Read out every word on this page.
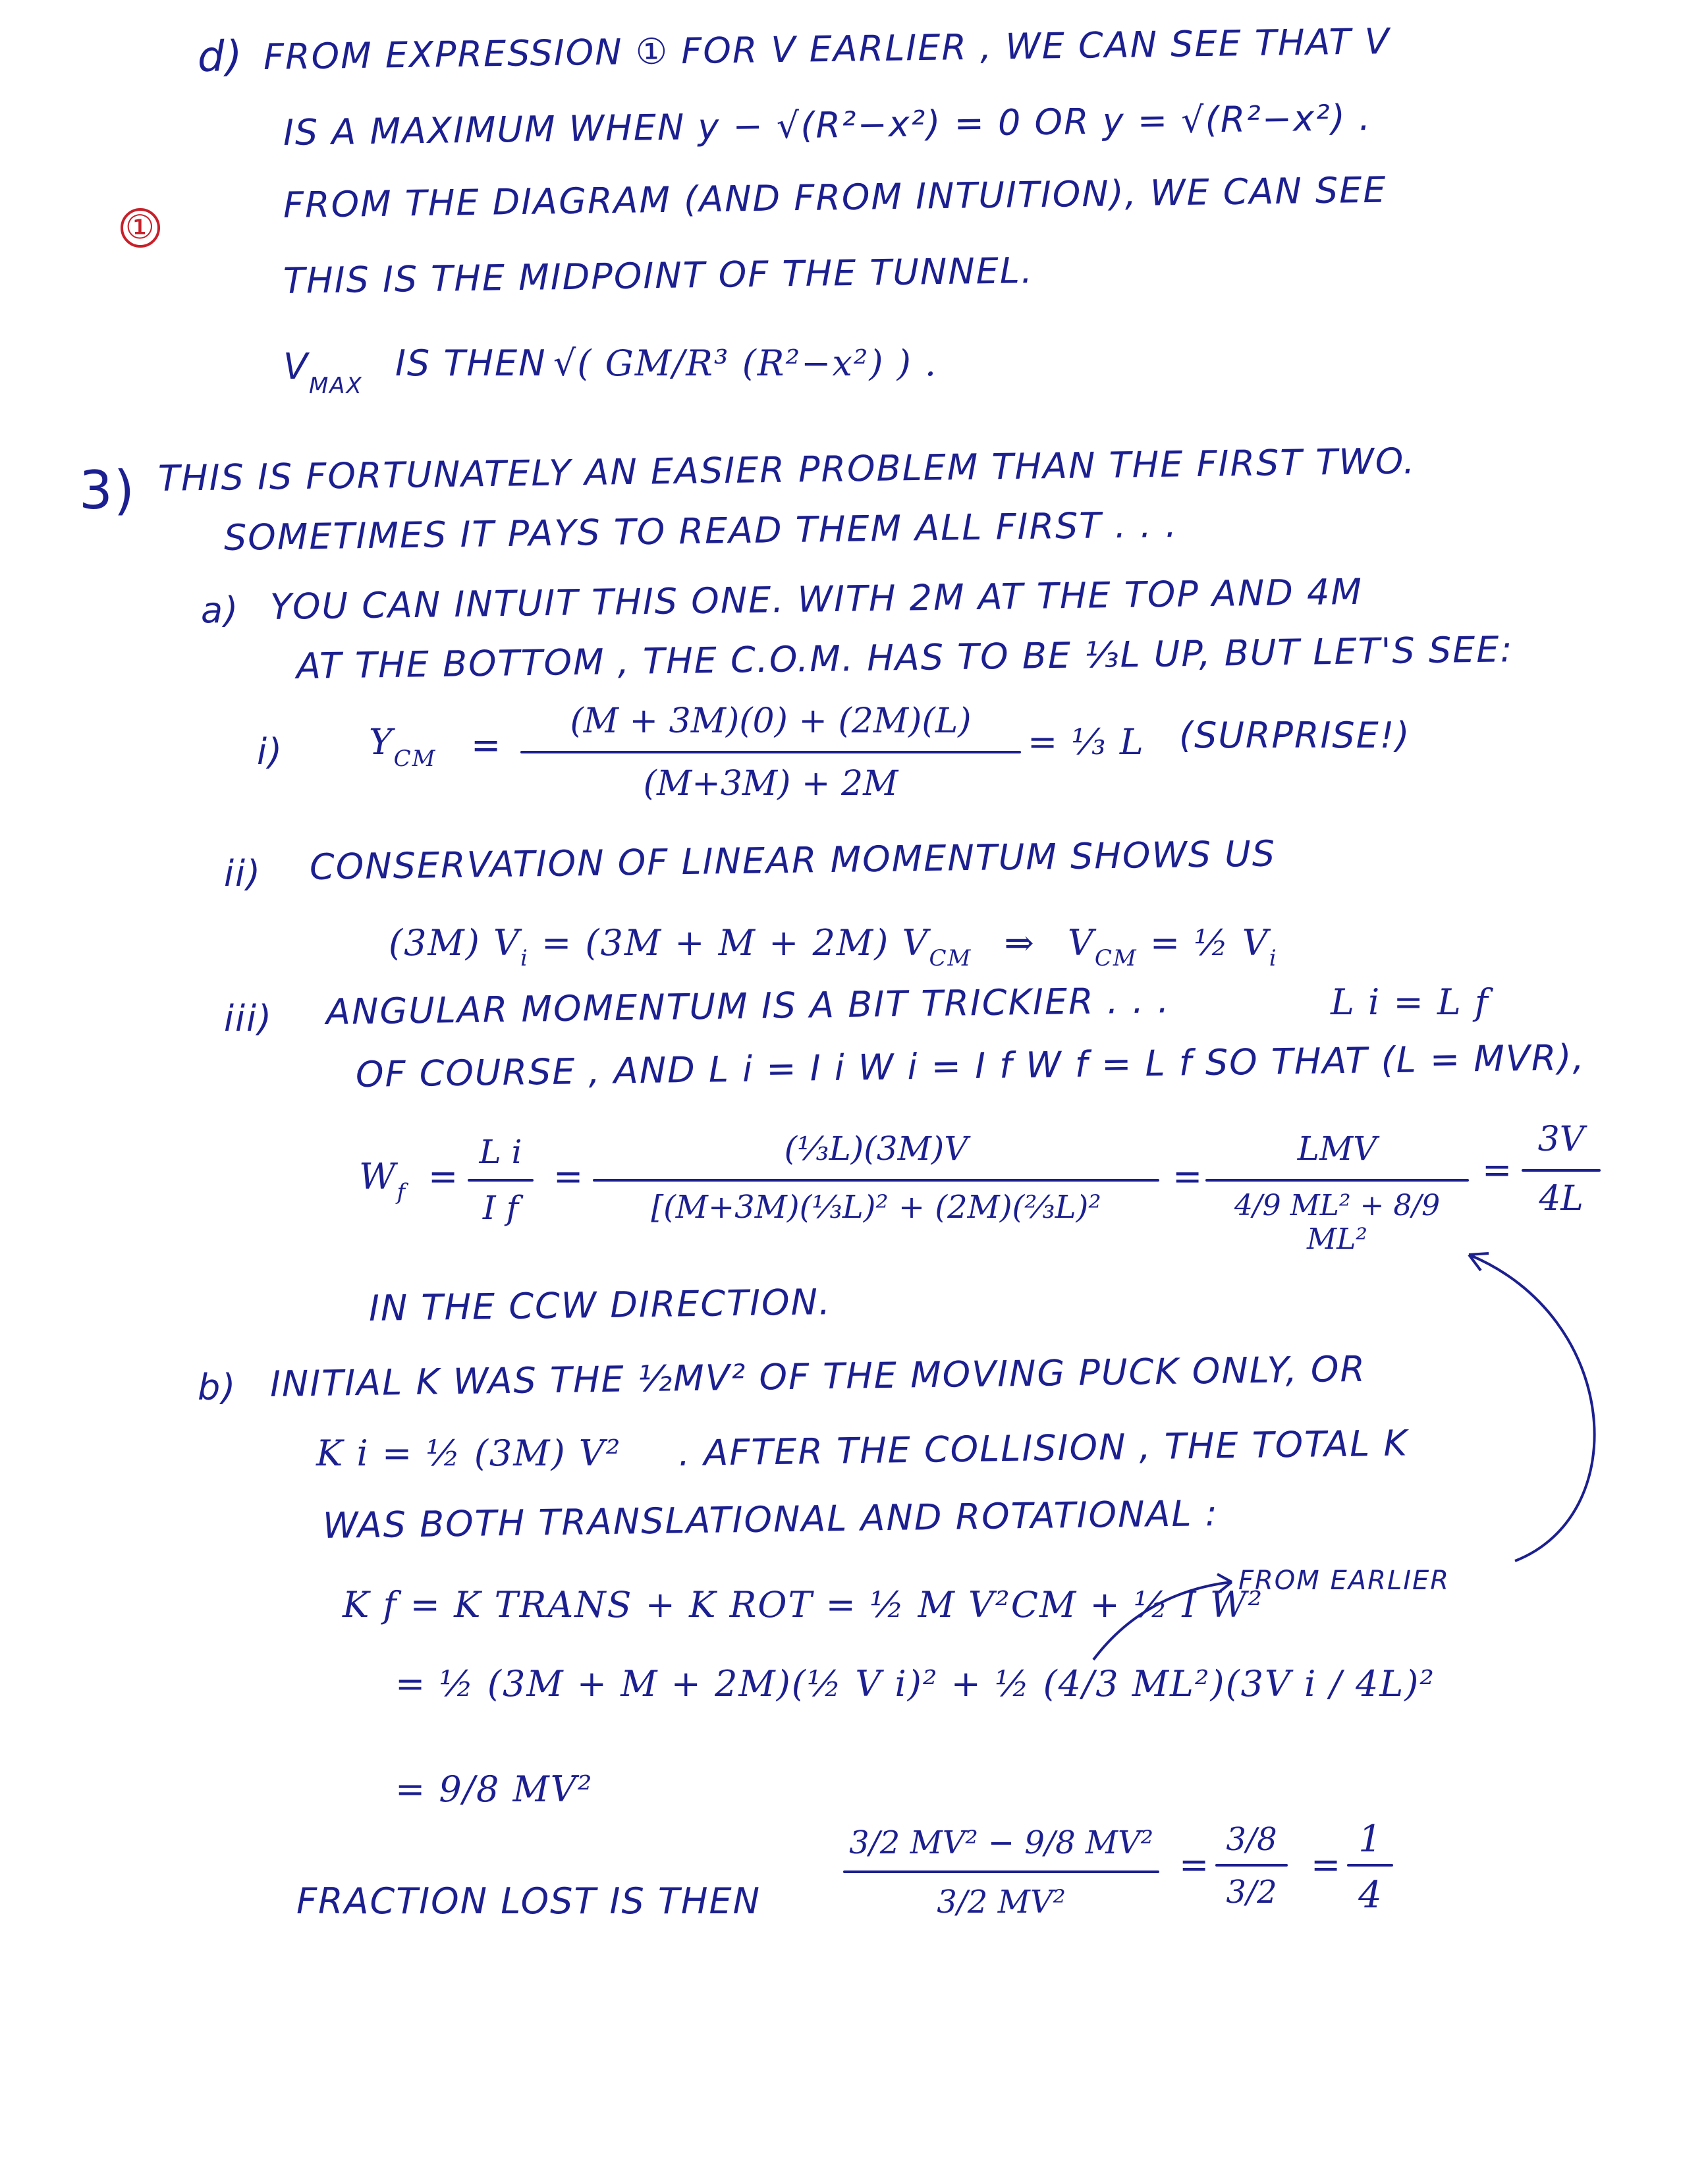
d) FROM EXPRESSION ① FOR V EARLIER , WE CAN SEE THAT V
IS A MAXIMUM WHEN y − √(R²−x²) = 0 OR y = √(R²−x²) .
①
FROM THE DIAGRAM (AND FROM INTUITION), WE CAN SEE
THIS IS THE MIDPOINT OF THE TUNNEL.
$V_{MAX}$
IS THEN √( GM/R³ (R²−x²) ) .
3) THIS IS FORTUNATELY AN EASIER PROBLEM THAN THE FIRST TWO.
SOMETIMES IT PAYS TO READ THEM ALL FIRST . . .
a) YOU CAN INTUIT THIS ONE. WITH 2M AT THE TOP AND 4M
AT THE BOTTOM , THE C.O.M. HAS TO BE ⅓L UP, BUT LET'S SEE:
i) $Y_{CM}$ =
(M + 3M)(0) + (2M)(L)
(M+3M) + 2M
= ⅓ L (SURPRISE!)
ii) CONSERVATION OF LINEAR MOMENTUM SHOWS US
(3M) $V_i = (3M + M + 2M)$ $V_{CM}$ ⇒ $V_{CM}$ = ½ $V_i$
iii) ANGULAR MOMENTUM IS A BIT TRICKIER . . .	L i = L f
OF COURSE , AND L i = I i W i = I f W f = L f SO THAT (L = MVR),
$W_f$ =
L i
I f
=
(⅓L)(3M)V
[(M+3M)(⅓L)² + (2M)(⅔L)²
=
LMV
4/9 ML² + 8/9 ML²
=
3V
4L
IN THE CCW DIRECTION.
b) INITIAL K WAS THE ½MV² OF THE MOVING PUCK ONLY, OR
K i = ½ (3M) V² . AFTER THE COLLISION , THE TOTAL K
WAS BOTH TRANSLATIONAL AND ROTATIONAL :
K f = K TRANS + K ROT = ½ M V²CM + ½ I W²
FROM EARLIER
= ½ (3M + M + 2M)(½ V i)² + ½ (4/3 ML²)(3V i / 4L)²
= 9/8 MV²
FRACTION LOST IS THEN
3/2 MV² − 9/8 MV²
3/2 MV²
=
3/8
3/2
=
1
4
